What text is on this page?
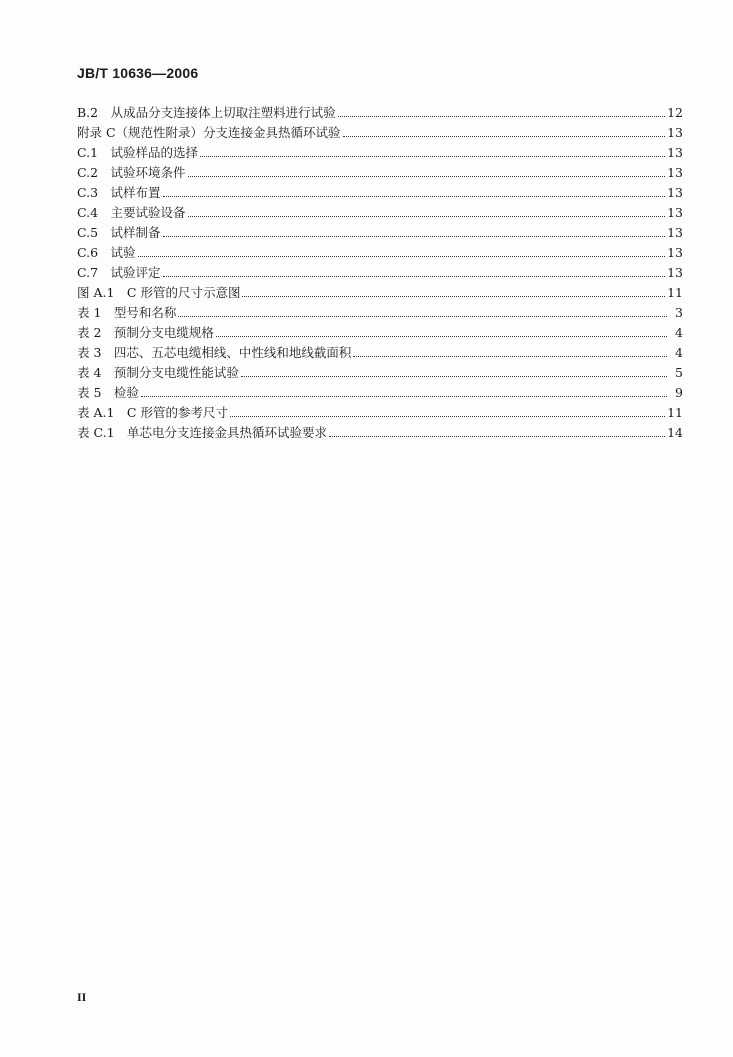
JB/T 10636—2006
B.2　从成品分支连接体上切取注塑料进行试验	12
附录 C（规范性附录）分支连接金具热循环试验	13
C.1　试验样品的选择	13
C.2　试验环境条件	13
C.3　试样布置	13
C.4　主要试验设备	13
C.5　试样制备	13
C.6　试验	13
C.7　试验评定	13
图 A.1　C 形管的尺寸示意图	11
表 1　型号和名称	3
表 2　预制分支电缆规格	4
表 3　四芯、五芯电缆相线、中性线和地线截面积	4
表 4　预制分支电缆性能试验	5
表 5　检验	9
表 A.1　C 形管的参考尺寸	11
表 C.1　单芯电分支连接金具热循环试验要求	14
II
